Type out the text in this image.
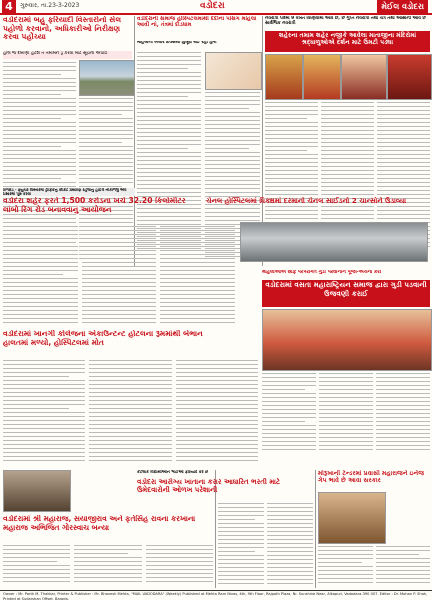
4	ગુરુવાર, તા.23-3-2023	વડોદરા	મેઈલ વડોદરા
વડોદરામાં બહુ ફરિયાદી વિસ્તારોનો સેલ પહોળો કરવાનો, અધિકારીઓ નિરીક્ષણ કરવા પહોંચ્યા
હાલ જે દબાણો હટશે તે તમામને ડ્ર કરવા માટે સૂચના અપાઈ
વડોદરાની સમાજ હોસ્પિટલમાંથી દર્દીના પૈસિંગ મહિલા આવી નાં, તંત્રમાં દોડધામ
મહિલાની બેચાર દિવસથી શુશ્રૂષા થઈ રહી હતી
નવરાત્રી પર્વમાં 9 વખત વિષ્ણવામાં આવે છે, છ ગુપ્ત નવરાત્રી તથા ચૈત્ર તથા આસોની આવે છે સાર્વજિક નવરાત્રી
શહેરના તમામ શહેર નજીકે આવેલા માતાજીના મંદિરોમાં શ્રદ્ધાળુઓએ દર્શન માટે ઉમટી પડ્યા
રિંગરોડ - ફ્યુચર વિસ્તારમાં ટ્રાફિકનું કોંક્રિટ પ્રસારણ રહેલાનું હાઈવે નીકાળેલું એવ પ્રસારમાં પૂરું કરવા
વડોદરા શહેર ફરતે 1,500 કરોડના ખર્ચે 32.20 કિલોમીટર લાંબો રિંગ રોડ બનાવવાનું આયોજન
ચેનલ હોસ્પિટલમાં ધિક્ક્ષમાં દરમાનો ચેનલ સાઈડનો 2 ચાન્સોને ઉડાવ્યા
વડોદરામાં ખાનગી કોલેજના એકાઉન્ટન્ટ હોટલના રૂમમાંથી બેભાન હાલતમાં મળ્યો, હોસ્પિટલમાં મોત
મહિલાઓએ સાફ પરંપરાગત ગુડી પરવાનીને પૂજા-અર્ચના કરી
વડોદરામાં વસતા મહારાષ્ટ્રિયન સમાજ દ્વારા ગુડી પડવાની ઉજવણી કરાઈ
કેટલાક વિદ્યાર્થીઓને ભાઈઓ ફરિયાદ કરે છે
વડોદરા આરોગ્ય ખાતાના કરાર આધારિત ભરતી માટે ઉમેદવારોની ઓળખ પરેશાની
મોરૂખાની ટેન્ડરમાં પ્રવાસી મહારાજને ઇનેજ ગેપ ભાવે છે આવા સરકાર
વડોદરામાં શ્રી મહારાજ, સયાજીરાવ અને ફતેસિંહ રાવના કરખાના મહારાજ અભિજિત ગોરસ્વાચ બન્યા
Owner : Mr. Parth M. Thakkar, Printer & Publisher : Mr. Bhavesh Mehta, "MAIL VADODARA" (Weekly) Published at Mehta Ram Nivas, 4th, 9th Floor, Rajpath Plaza, Nr. Sunshine Near, Alkapuri, Vadodara-390 007. Editor : Dr. Mohan P. Shah, Printed at Sudarshan Offset, Baroda.
